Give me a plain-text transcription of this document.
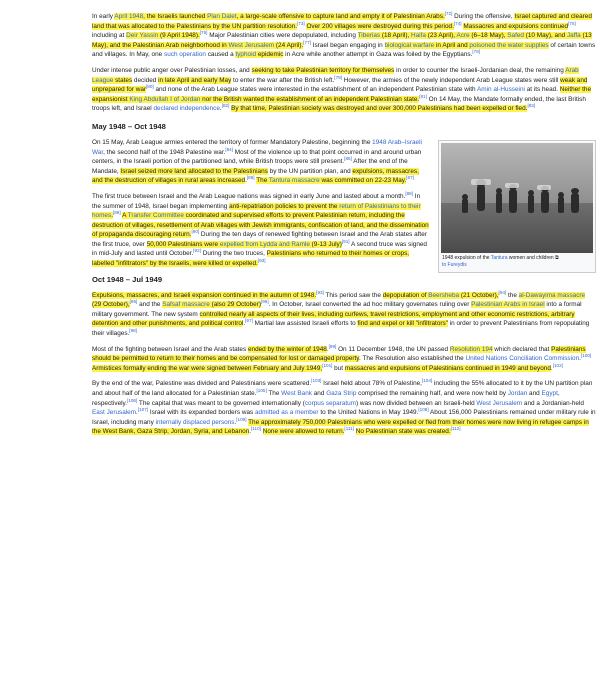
In early April 1948, the Israelis launched Plan Dalet, a large-scale offensive to capture land and empty it of Palestinian Arabs.[72] During the offensive, Israel captured and cleared land that was allocated to the Palestinians by the UN partition resolution.[73] Over 200 villages were destroyed during this period.[74] Massacres and expulsions continued[75] including at Deir Yassin (9 April 1948).[76] Major Palestinian cities were depopulated, including Tiberias (18 April), Haifa (23 April), Acre (6–18 May), Safed (10 May), and Jaffa (13 May), and the Palestinian Arab neighborhood in West Jerusalem (24 April).[77] Israel began engaging in biological warfare in April and poisoned the water supplies of certain towns and villages. In May, one such operation caused a typhoid epidemic in Acre while another attempt in Gaza was foiled by the Egyptians.[78]

Under intense public anger over Palestinian losses, and seeking to take Palestinian territory for themselves in order to counter the Israeli-Jordanian deal, the remaining Arab League states decided in late April and early May to enter the war after the British left.[79] However, the armies of the newly independent Arab League states were still weak and unprepared for war[80] and none of the Arab League states were interested in the establishment of an independent Palestinian state with Amin al-Husseini at its head. Neither the expansionist King Abdullah I of Jordan nor the British wanted the establishment of an independent Palestinian state.[81] On 14 May, the Mandate formally ended, the last British troops left, and Israel declared independence.[82] By that time, Palestinian society was destroyed and over 300,000 Palestinians had been expelled or fled.[83]

May 1948 – Oct 1948
1948 expulsion of the Tantura women and children ⧉
to Fureydis

On 15 May, Arab League armies entered the territory of former Mandatory Palestine, beginning the 1948 Arab–Israeli War, the second half of the 1948 Palestine war.[84] Most of the violence up to that point occurred in and around urban centers, in the Israeli portion of the partitioned land, while British troops were still present.[85] After the end of the Mandate, Israel seized more land allocated to the Palestinians by the UN partition plan, and expulsions, massacres, and the destruction of villages in rural areas increased.[86] The Tantura massacre was committed on 22-23 May.[87]

The first truce between Israel and the Arab League nations was signed in early June and lasted about a month.[88] In the summer of 1948, Israel began implementing anti-repatriation policies to prevent the return of Palestinians to their homes.[89] A Transfer Committee coordinated and supervised efforts to prevent Palestinian return, including the destruction of villages, resettlement of Arab villages with Jewish immigrants, confiscation of land, and the dissemination of propaganda discouraging return.[90] During the ten days of renewed fighting between Israel and the Arab states after the first truce, over 50,000 Palestinians were expelled from Lydda and Ramle (9-13 July)[91] A second truce was signed in mid-July and lasted until October.[92] During the two truces, Palestinians who returned to their homes or crops, labelled "infiltrators" by the Israelis, were killed or expelled.[93]

Oct 1948 – Jul 1949

Expulsions, massacres, and Israeli expansion continued in the autumn of 1948.[93] This period saw the depopulation of Beersheba (21 October),[94] the al-Dawayima massacre (29 October),[95] and the Safsaf massacre (also 29 October)[96]. In October, Israel converted the ad hoc military governates ruling over Palestinian Arabs in Israel into a formal military government. The new system controlled nearly all aspects of their lives, including curfews, travel restrictions, employment and other economic restrictions, arbitrary detention and other punishments, and political control.[97] Martial law assisted Israeli efforts to find and expel or kill "infiltrators" in order to prevent Palestinians from repopulating their villages.[98]

Most of the fighting between Israel and the Arab states ended by the winter of 1948.[99] On 11 December 1948, the UN passed Resolution 194 which declared that Palestinians should be permitted to return to their homes and be compensated for lost or damaged property. The Resolution also established the United Nations Conciliation Commission.[100] Armistices formally ending the war were signed between February and July 1949,[101] but massacres and expulsions of Palestinians continued in 1949 and beyond.[102]

By the end of the war, Palestine was divided and Palestinians were scattered.[103] Israel held about 78% of Palestine,[104] including the 55% allocated to it by the UN partition plan and about half of the land allocated for a Palestinian state.[105] The West Bank and Gaza Strip comprised the remaining half, and were now held by Jordan and Egypt, respectively.[106] The capital that was meant to be governed internationally (corpus separatum) was now divided between an Israeli-held West Jerusalem and a Jordanian-held East Jerusalem.[107] Israel with its expanded borders was admitted as a member to the United Nations in May 1949.[108] About 156,000 Palestinians remained under military rule in Israel, including many internally displaced persons.[109] The approximately 750,000 Palestinians who were expelled or fled from their homes were now living in refugee camps in the West Bank, Gaza Strip, Jordan, Syria, and Lebanon.[110] None were allowed to return.[111] No Palestinian state was created.[112]
